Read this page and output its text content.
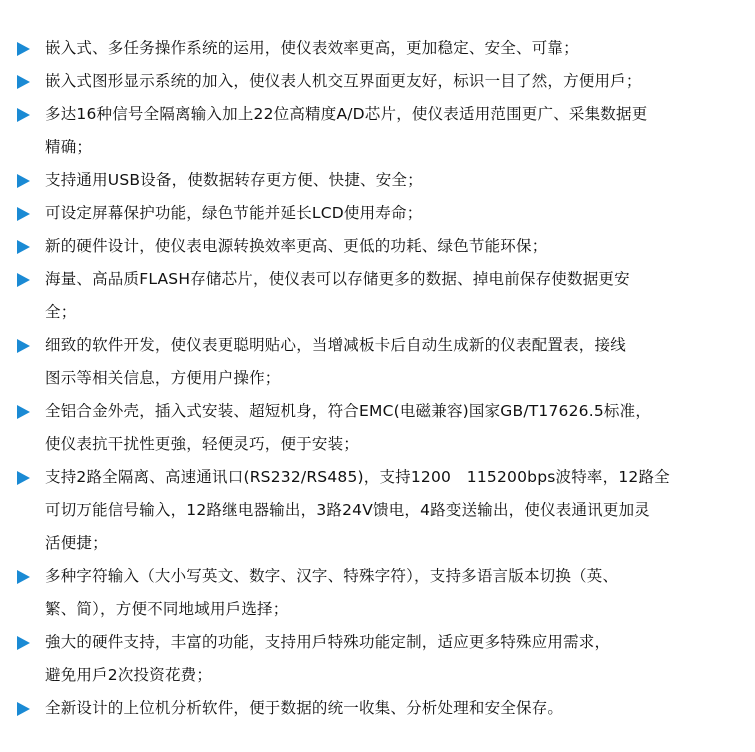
嵌入式、多任务操作系统的运用，使仪表效率更高，更加稳定、安全、可靠；
嵌入式图形显示系统的加入，使仪表人机交互界面更友好，标识一目了然，方便用戶；
多达16种信号全隔离输入加上22位高精度A/D芯片，使仪表适用范围更广、采集数据更
精确；
支持通用USB设备，使数据转存更方便、快捷、安全；
可设定屏幕保护功能，绿色节能并延长LCD使用寿命；
新的硬件设计，使仪表电源转换效率更高、更低的功耗、绿色节能环保；
海量、高品质FLASH存储芯片，使仪表可以存储更多的数据、掉电前保存使数据更安
全；
细致的软件开发，使仪表更聪明贴心，当增减板卡后自动生成新的仪表配置表，接线
图示等相关信息，方便用户操作；
全铝合金外壳，插入式安装、超短机身，符合EMC(电磁兼容)国家GB/T17626.5标准，
使仪表抗干扰性更強，轻便灵巧，便于安装；
支持2路全隔离、高速通讯口(RS232/RS485)，支持1200　115200bps波特率，12路全
可切万能信号输入，12路继电器输出，3路24V馈电，4路变送输出，使仪表通讯更加灵
活便捷；
多种字符输入（大小写英文、数字、汉字、特殊字符），支持多语言版本切换（英、
繁、简），方便不同地域用戶选择；
強大的硬件支持，丰富的功能，支持用戶特殊功能定制，适应更多特殊应用需求，
避免用戶2次投资花费；
全新设计的上位机分析软件，便于数据的统一收集、分析处理和安全保存。
